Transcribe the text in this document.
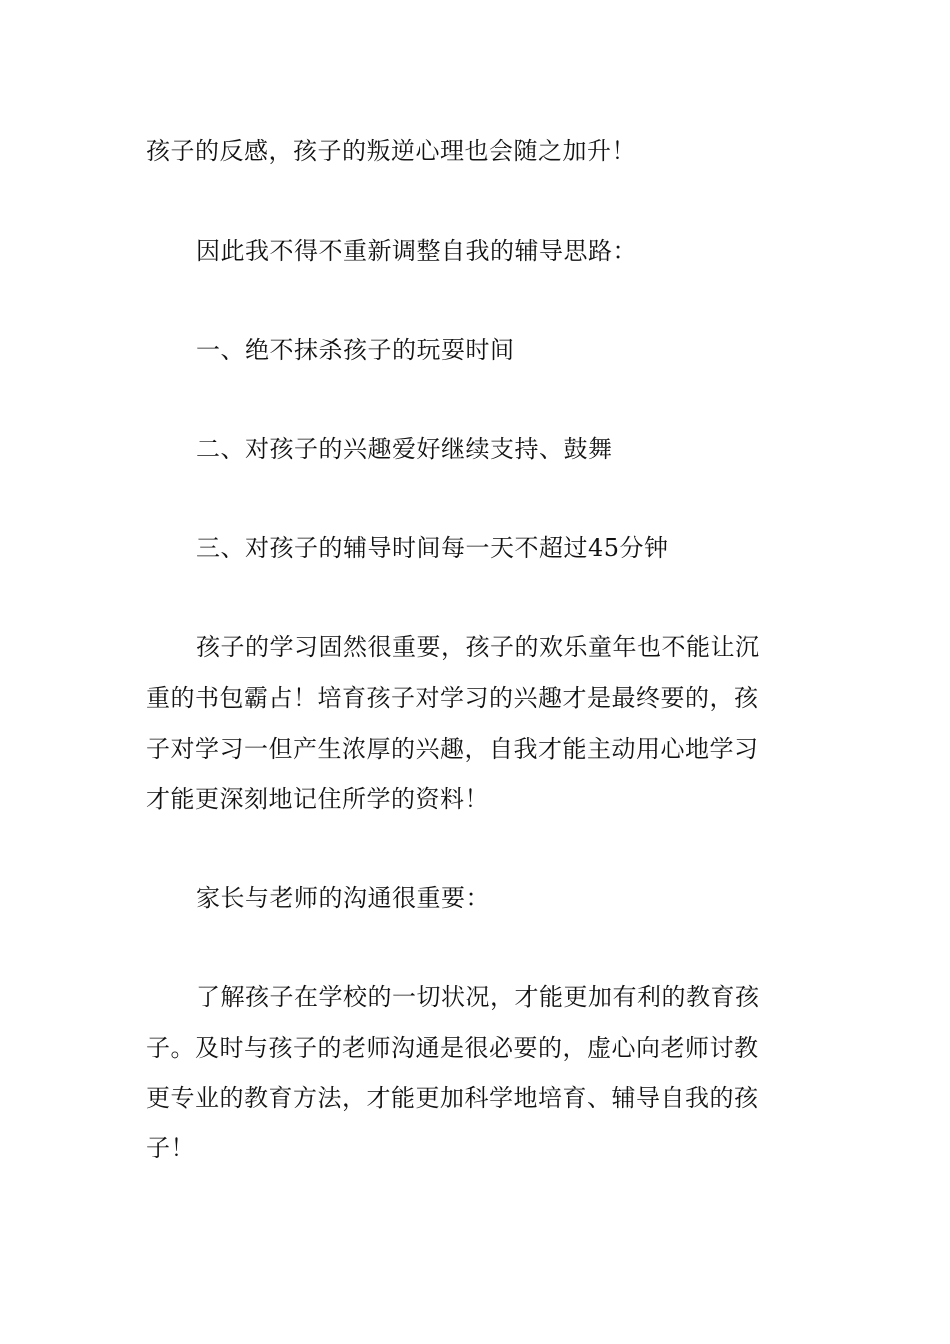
孩子的反感，孩子的叛逆心理也会随之加升！
因此我不得不重新调整自我的辅导思路：
一、绝不抹杀孩子的玩耍时间
二、对孩子的兴趣爱好继续支持、鼓舞
三、对孩子的辅导时间每一天不超过45分钟
孩子的学习固然很重要，孩子的欢乐童年也不能让沉
重的书包霸占！培育孩子对学习的兴趣才是最终要的，孩
子对学习一但产生浓厚的兴趣，自我才能主动用心地学习
才能更深刻地记住所学的资料！
家长与老师的沟通很重要：
了解孩子在学校的一切状况，才能更加有利的教育孩
子。及时与孩子的老师沟通是很必要的，虚心向老师讨教
更专业的教育方法，才能更加科学地培育、辅导自我的孩
子！
